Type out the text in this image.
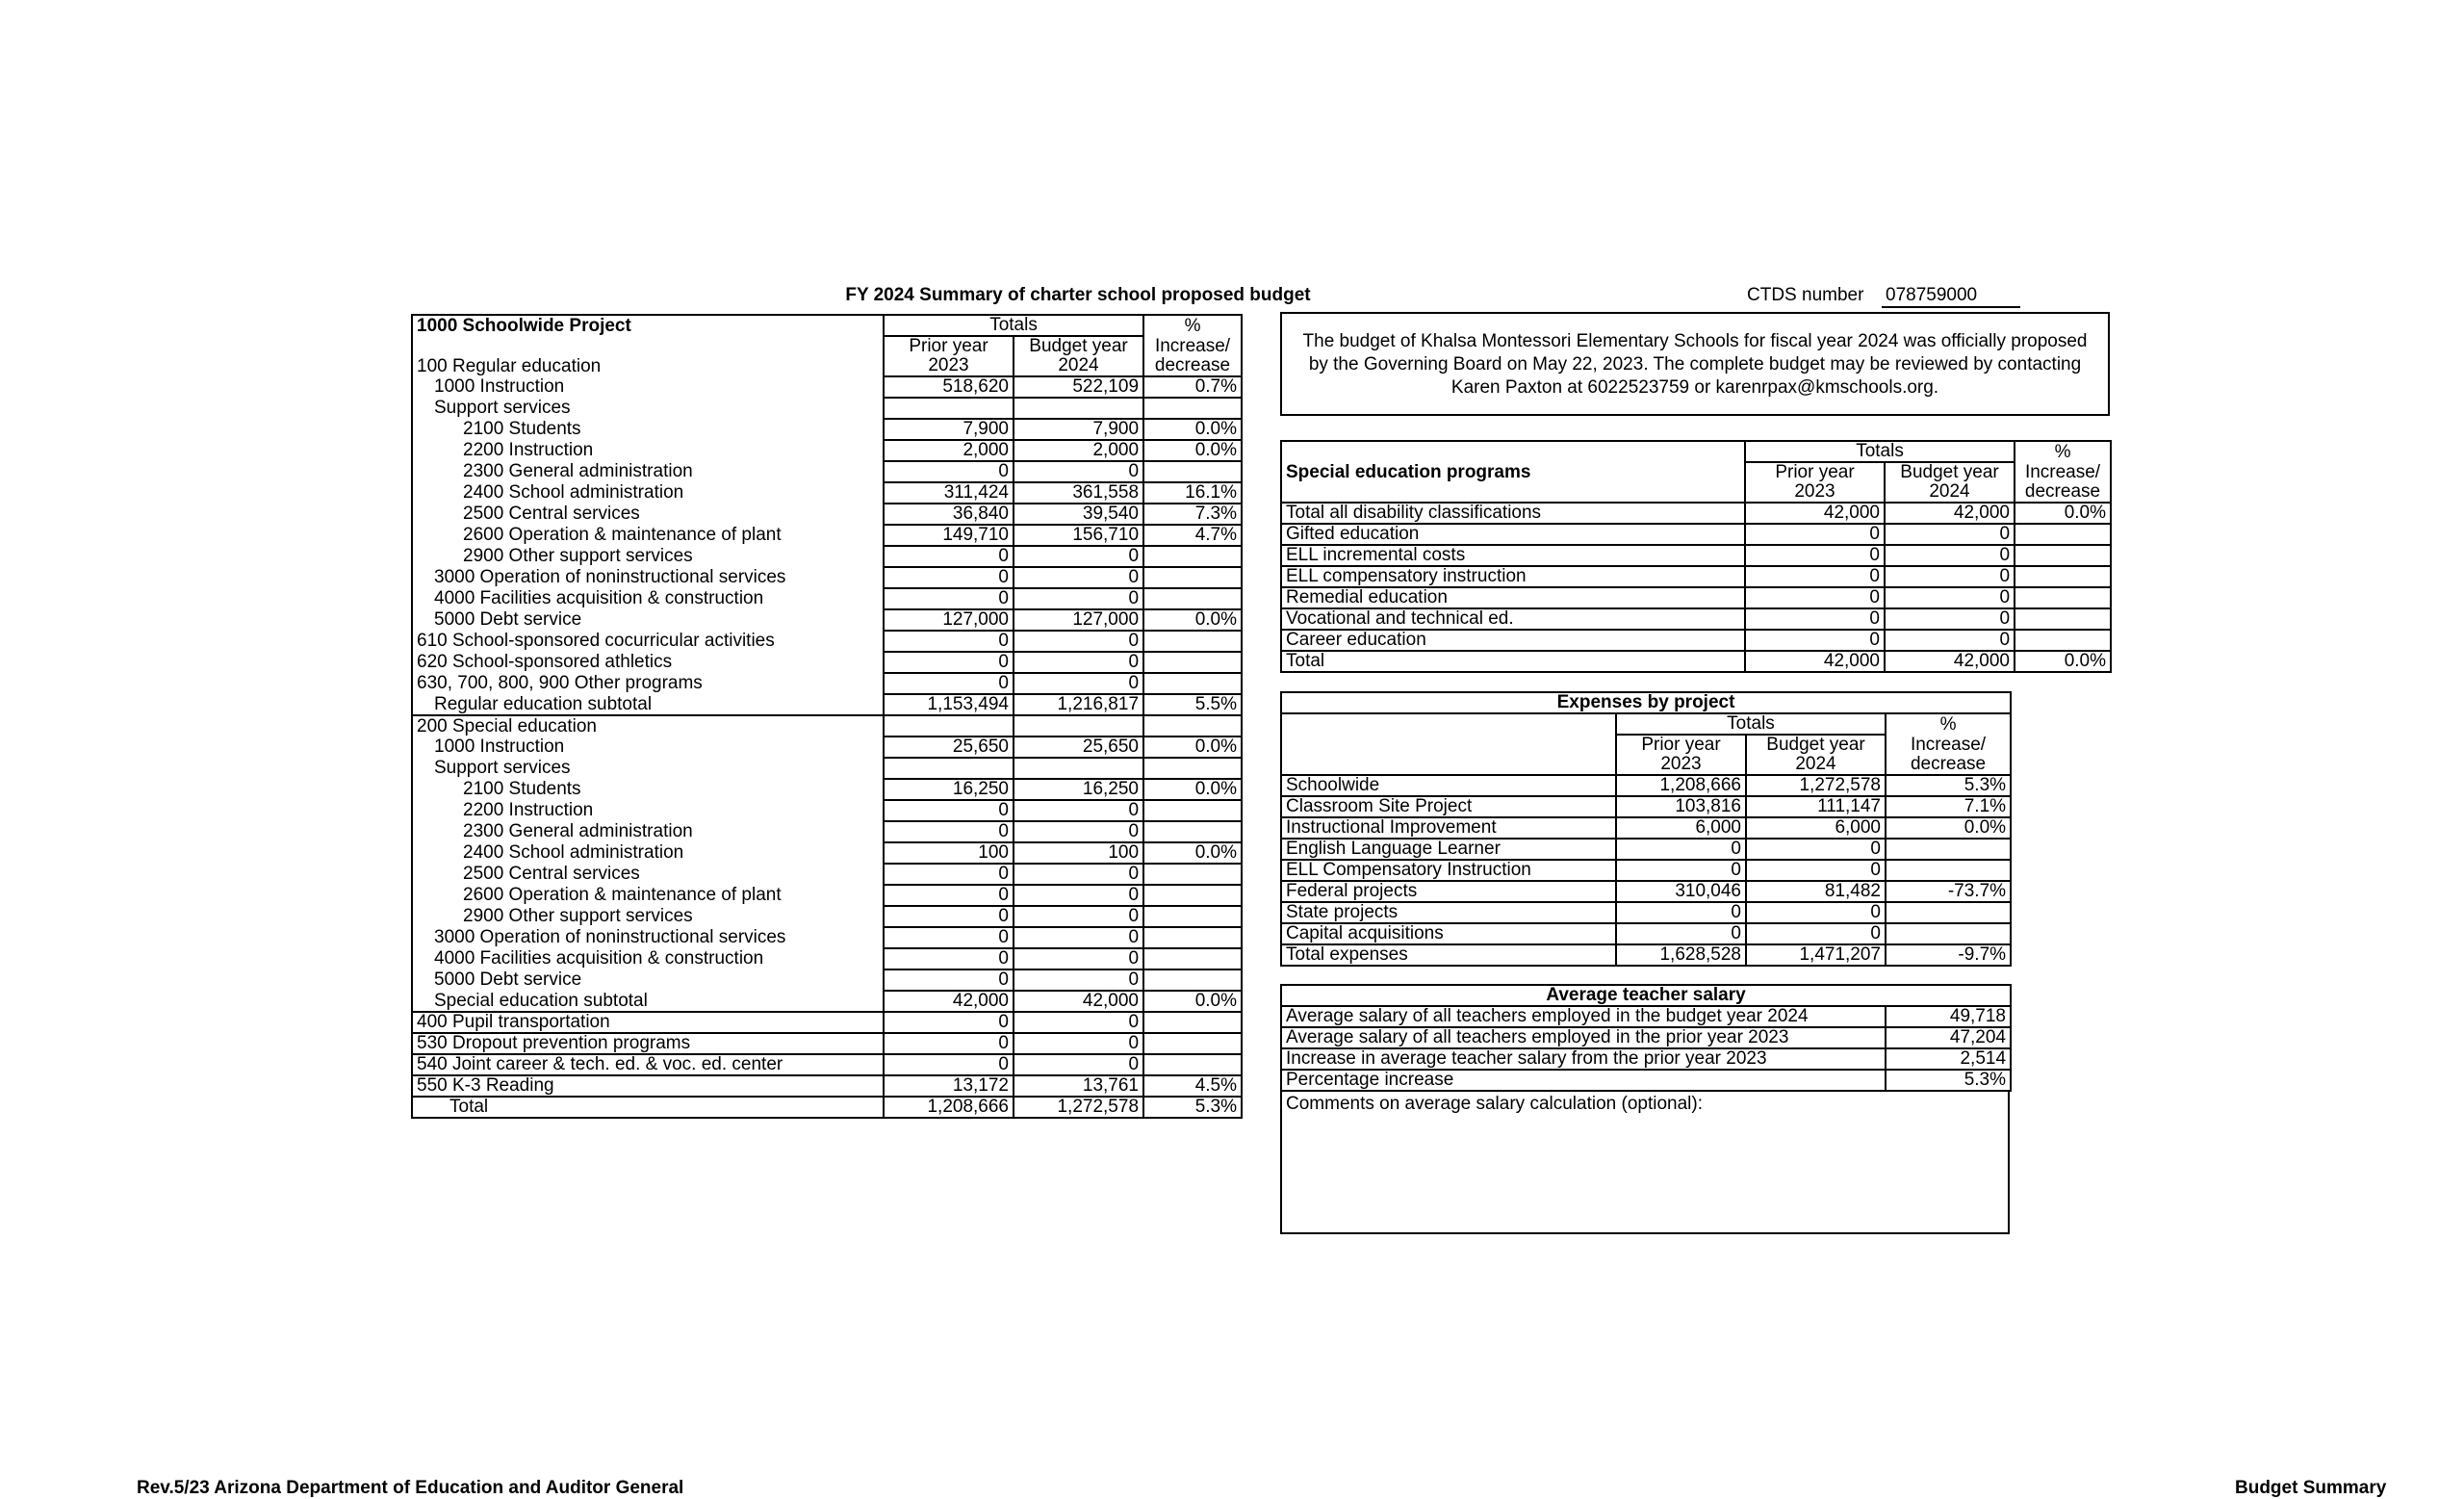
FY 2024 Summary of charter school proposed budget	CTDS number 078759000
1000 Schoolwide Project	Totals		%
	Prior year	Budget year	Increase/
100 Regular education	2023	2024	decrease
1000 Instruction	518,620	522,109	0.7%
Support services			
2100 Students	7,900	7,900	0.0%
2200 Instruction	2,000	2,000	0.0%
2300 General administration	0	0	
2400 School administration	311,424	361,558	16.1%
2500 Central services	36,840	39,540	7.3%
2600 Operation & maintenance of plant	149,710	156,710	4.7%
2900 Other support services	0	0	
3000 Operation of noninstructional services	0	0	
4000 Facilities acquisition & construction	0	0	
5000 Debt service	127,000	127,000	0.0%
610 School-sponsored cocurricular activities	0	0	
620 School-sponsored athletics	0	0	
630, 700, 800, 900 Other programs	0	0	
Regular education subtotal	1,153,494	1,216,817	5.5%
200 Special education			
1000 Instruction	25,650	25,650	0.0%
Support services			
2100 Students	16,250	16,250	0.0%
2200 Instruction	0	0	
2300 General administration	0	0	
2400 School administration	100	100	0.0%
2500 Central services	0	0	
2600 Operation & maintenance of plant	0	0	
2900 Other support services	0	0	
3000 Operation of noninstructional services	0	0	
4000 Facilities acquisition & construction	0	0	
5000 Debt service	0	0	
Special education subtotal	42,000	42,000	0.0%
400 Pupil transportation	0	0	
530 Dropout prevention programs	0	0	
540 Joint career & tech. ed. & voc. ed. center	0	0	
550 K-3 Reading	13,172	13,761	4.5%
Total	1,208,666	1,272,578	5.3%
The budget of Khalsa Montessori Elementary Schools for fiscal year 2024 was officially proposed by the Governing Board on May 22, 2023. The complete budget may be reviewed by contacting Karen Paxton at 6022523759 or karenrpax@kmschools.org.
	Totals		%
Special education programs	Prior year	Budget year	Increase/
	2023	2024	decrease
Total all disability classifications	42,000	42,000	0.0%
Gifted education	0	0	
ELL incremental costs	0	0	
ELL compensatory instruction	0	0	
Remedial education	0	0	
Vocational and technical ed.	0	0	
Career education	0	0	
Total	42,000	42,000	0.0%
Expenses by project			
	Totals		%
	Prior year	Budget year	Increase/
	2023	2024	decrease
Schoolwide	1,208,666	1,272,578	5.3%
Classroom Site Project	103,816	111,147	7.1%
Instructional Improvement	6,000	6,000	0.0%
English Language Learner	0	0	
ELL Compensatory Instruction	0	0	
Federal projects	310,046	81,482	-73.7%
State projects	0	0	
Capital acquisitions	0	0	
Total expenses	1,628,528	1,471,207	-9.7%
Average teacher salary	
Average salary of all teachers employed in the budget year 2024	49,718
Average salary of all teachers employed in the prior year 2023	47,204
Increase in average teacher salary from the prior year 2023	2,514
Percentage increase	5.3%
Comments on average salary calculation (optional):
Rev.5/23 Arizona Department of Education and Auditor General	Budget Summary
